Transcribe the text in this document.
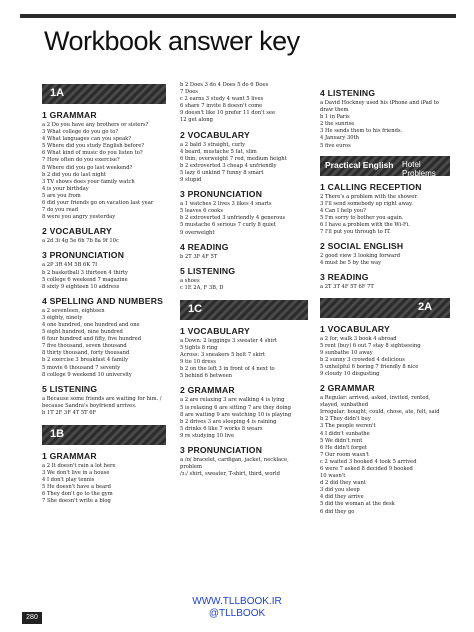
Workbook answer key
1A
1 GRAMMAR
a 2 Do you have any brothers or sisters?
3 What college do you go to?
4 What languages can you speak?
5 Where did you study English before?
6 What kind of music do you listen to?
7 How often do you exercise?
8 Where did you go last weekend?
b 2 did you do last night
3 TV shows does your family watch
4 is your birthday
5 are you from
6 did your friends go on vacation last year
7 do you read
8 were you angry yesterday
2 VOCABULARY
a 2d 3i 4g 5e 6h 7b 8a 9f 10c
3 PRONUNCIATION
a 2P 3R 4M 5B 6K 7I
b 2 basketball 3 thirteen 4 thirty
5 college 6 weekend 7 magazine
8 sixty 9 eighteen 10 address
4 SPELLING AND NUMBERS
a 2 seventeen, eighteen
3 eighty, ninety
4 one hundred, one hundred and one
5 eight hundred, nine hundred
6 four hundred and fifty, five hundred
7 five thousand, seven thousand
8 thirty thousand, forty thousand
b 2 exercise 3 breakfast 4 family
5 movie 6 thousand 7 seventy
8 college 9 weekend 10 university
5 LISTENING
a Because some friends are waiting for him. /
because Sandra's boyfriend arrives.
b 1T 2F 3F 4T 5T 6F
1B
1 GRAMMAR
a 2 It doesn't rain a lot here
3 We don't live in a house
4 I don't play tennis
5 He doesn't have a beard
6 They don't go to the gym
7 She doesn't write a blog
b 2 Does 3 do 4 Does 5 do 6 Does
7 Does
c 2 earns 3 study 4 want 5 lives
6 share 7 invite 8 doesn't come
9 doesn't like 10 prefer 11 don't see
12 get along
2 VOCABULARY
a 2 bald 3 straight, curly
4 beard, mustache 5 fat, slim
6 thin, overweight 7 red, medium height
b 2 extroverted 3 cheap 4 unfriendly
5 lazy 6 unkind 7 funny 8 smart
9 stupid
3 PRONUNCIATION
a 1 watches 2 lives 3 likes 4 snarts
5 leaves 6 cooks
b 2 extroverted 3 unfriendly 4 generous
5 mustache 6 serious 7 curly 8 quiet
9 overweight
4 READING
b 2T 3F 4F 5T
5 LISTENING
a shoes
c 1E 2A, F 3B, D
1C
1 VOCABULARY
a Down: 2 leggings 3 sweater 4 shirt
5 tights 8 ring
Across: 3 sneakers 5 belt 7 skirt
9 tie 10 dress
b 2 on the left 3 in front of 4 next to
5 behind 6 between
2 GRAMMAR
a 2 are relaxing 3 are walking 4 is lying
5 is relaxing 6 are sitting 7 are they doing
8 are waiting 9 are watching 10 is playing
b 2 drives 3 are sleeping 4 is raining
5 drinks 6 like 7 works 8 wears
9 re studying 10 live
3 PRONUNCIATION
a /ɒ/ bracelet, cardigan, jacket, necklace,
problem
/ɜː/ shirt, sweater, T-shirt, third, world
4 LISTENING
a David Hockney used his iPhone and iPad to
draw them
b 1 in Paris
2 the sunrise
3 He sends them to his friends.
4 January 30th
5 five euros
Practical English Hotel Problems
1 CALLING RECEPTION
2 There's a problem with the shower.
3 I'll send somebody up right away.
4 Can I help you?
5 I'm sorry to bother you again.
6 I have a problem with the Wi-Fi.
7 I'll put you through to IT.
2 SOCIAL ENGLISH
2 good view 3 looking forward
4 must be 5 by the way
3 READING
a 2T 3T 4F 5T 6F 7T
2A
1 VOCABULARY
a 2 for, walk 3 book 4 abroad
5 rent (buy) 6 out 7 stay 8 sightseeing
9 sunbathe 10 away
b 2 sunny 3 crowded 4 delicious
5 unhelpful 6 boring 7 friendly 8 nice
9 cloudy 10 disgusting
2 GRAMMAR
a Regular: arrived, asked, invited, rented,
stayed, sunbathed
Irregular: bought, could, chose, ate, felt, said
b 2 They didn't buy
3 The people weren't
4 I didn't sunbathe
5 We didn't rent
6 He didn't forget
7 Our room wasn't
c 2 waited 3 booked 4 took 5 arrived
6 were 7 asked 8 decided 9 booked
10 wasn't
d 2 did they want
3 did you sleep
4 did they arrive
5 did the woman at the desk
6 did they go
WWW.TLLBOOK.IR
@TLLBOOK
280
